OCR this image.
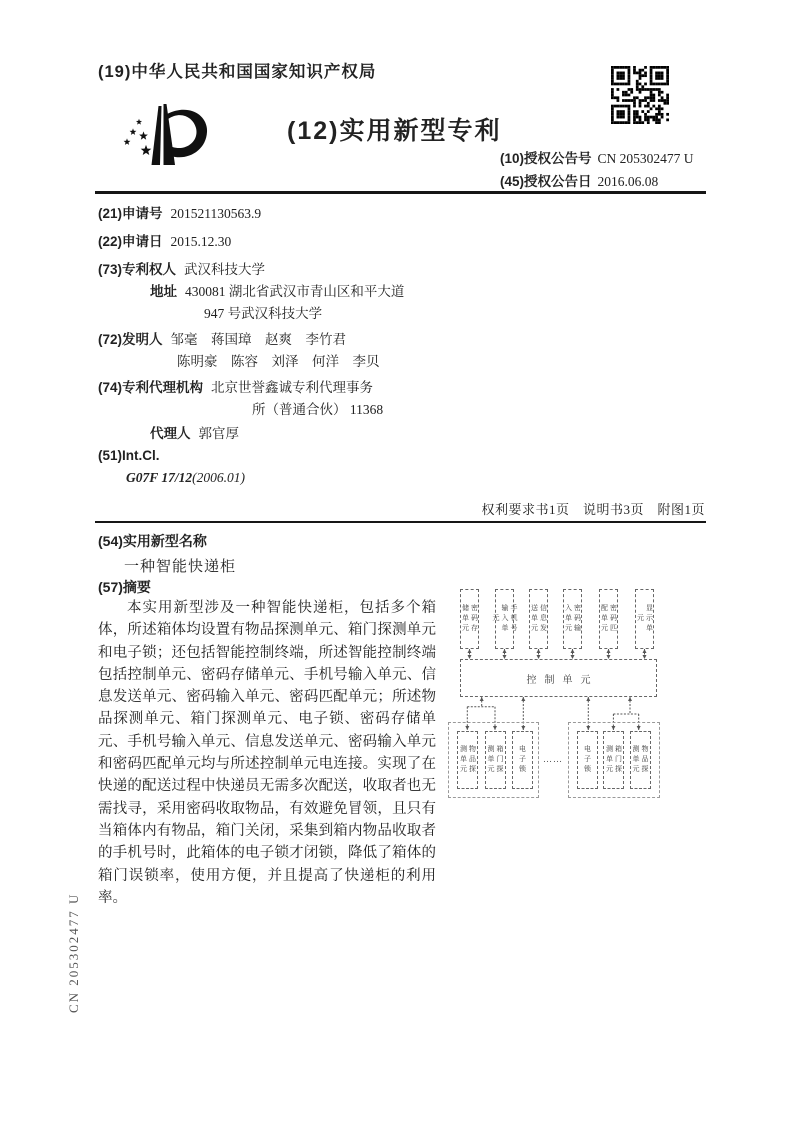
(19)中华人民共和国国家知识产权局
(12)实用新型专利
(10)授权公告号 CN 205302477 U
(45)授权公告日 2016.06.08
(21)申请号 201521130563.9
(22)申请日 2015.12.30
(73)专利权人 武汉科技大学
地址 430081 湖北省武汉市青山区和平大道
947 号武汉科技大学
(72)发明人 邹毫　蒋国璋　赵爽　李竹君
陈明豪　陈容　刘泽　何洋　李贝
(74)专利代理机构 北京世誉鑫诚专利代理事务
所（普通合伙） 11368
代理人 郭官厚
(51)Int.Cl.
G07F 17/12(2006.01)
权利要求书1页　说明书3页　附图1页
(54)实用新型名称
一种智能快递柜
(57)摘要
本实用新型涉及一种智能快递柜，包括多个箱体，所述箱体均设置有物品探测单元、箱门探测单元和电子锁；还包括智能控制终端，所述智能控制终端包括控制单元、密码存储单元、手机号输入单元、信息发送单元、密码输入单元、密码匹配单元；所述物品探测单元、箱门探测单元、电子锁、密码存储单元、手机号输入单元、信息发送单元、密码输入单元和密码匹配单元均与所述控制单元电连接。实现了在快递的配送过程中快递员无需多次配送，收取者也无需找寻，采用密码收取物品，有效避免冒领，且只有当箱体内有物品，箱门关闭，采集到箱内物品收取者的手机号时，此箱体的电子锁才闭锁，降低了箱体的箱门误锁率，使用方便，并且提高了快递柜的利用率。
密码存储单元	手机号输入单元	信息发送单元	密码输入单元	密码匹配单元	显示单元
控制单元
物品探测单元	箱门探测单元	电子锁 ……	电子锁	箱门探测单元	物品探测单元
CN 205302477 U
